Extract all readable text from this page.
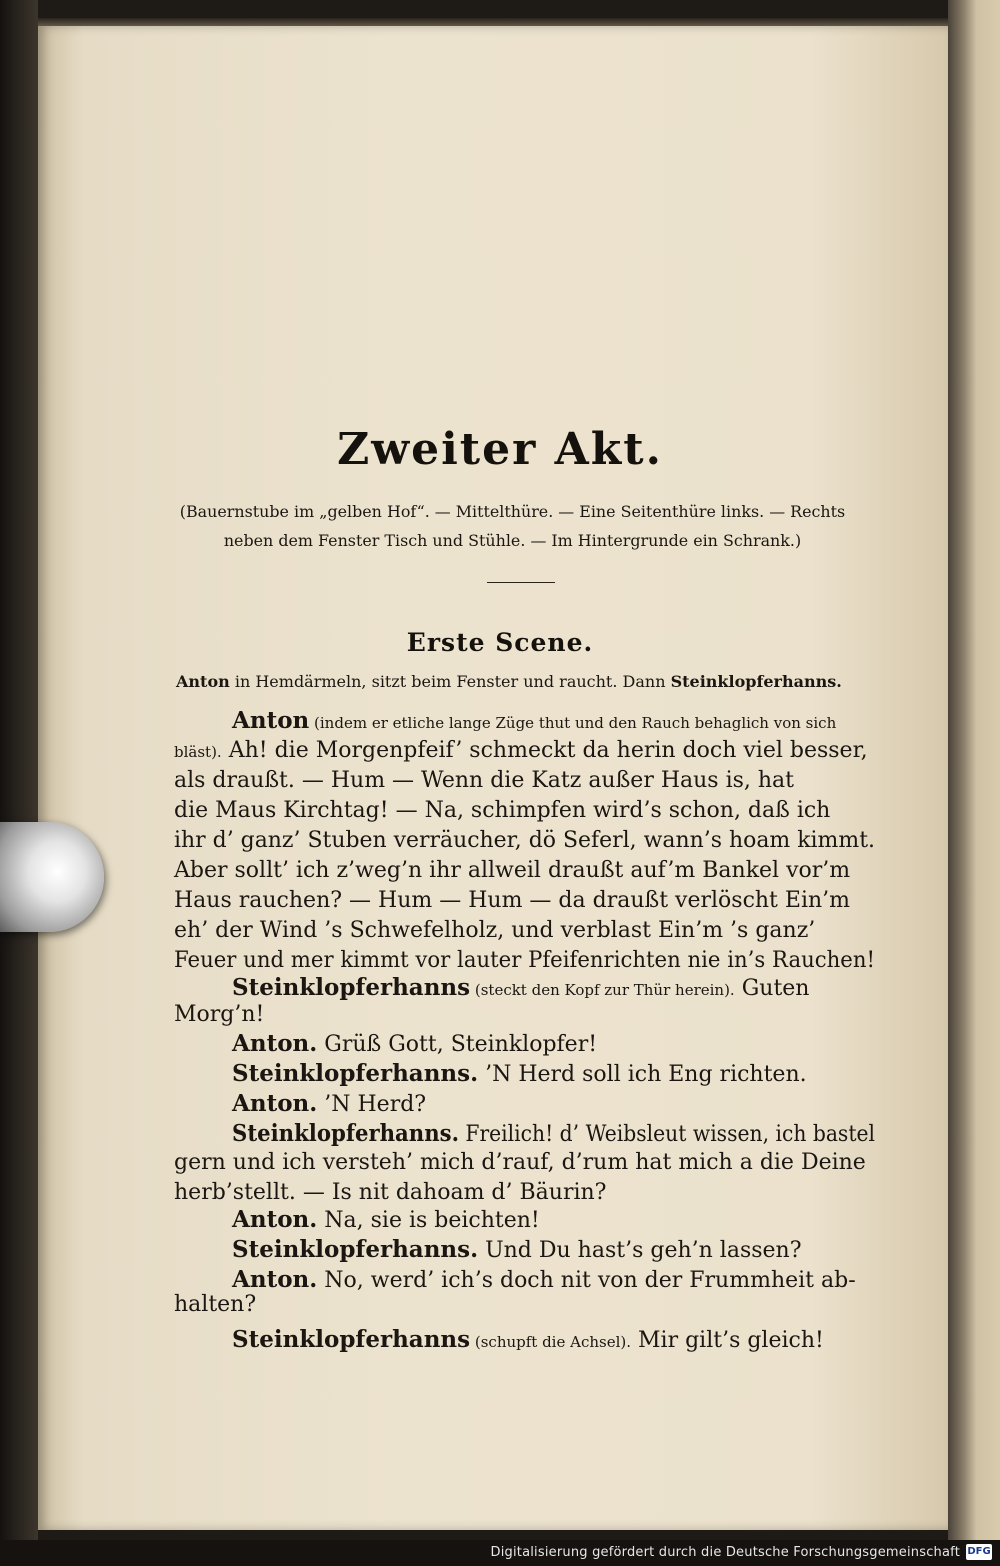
Zweiter Akt.
(Bauernstube im „gelben Hof“. — Mittelthüre. — Eine Seitenthüre links. — Rechts
neben dem Fenster Tisch und Stühle. — Im Hintergrunde ein Schrank.)
Erste Scene.
Anton in Hemdärmeln, sitzt beim Fenster und raucht. Dann Steinklopferhanns.
Anton (indem er etliche lange Züge thut und den Rauch behaglich von sich
bläst). Ah! die Morgenpfeif’ schmeckt da herin doch viel besser,
als draußt. — Hum — Wenn die Katz außer Haus is, hat
die Maus Kirchtag! — Na, schimpfen wird’s schon, daß ich
ihr d’ ganz’ Stuben verräucher, dö Seferl, wann’s hoam kimmt.
Aber sollt’ ich z’weg’n ihr allweil draußt auf’m Bankel vor’m
Haus rauchen? — Hum — Hum — da draußt verlöscht Ein’m
eh’ der Wind ’s Schwefelholz, und verblast Ein’m ’s ganz’
Feuer und mer kimmt vor lauter Pfeifenrichten nie in’s Rauchen!
Steinklopferhanns (steckt den Kopf zur Thür herein). Guten
Morg’n!
Anton. Grüß Gott, Steinklopfer!
Steinklopferhanns. ’N Herd soll ich Eng richten.
Anton. ’N Herd?
Steinklopferhanns. Freilich! d’ Weibsleut wissen, ich bastel
gern und ich versteh’ mich d’rauf, d’rum hat mich a die Deine
herb’stellt. — Is nit dahoam d’ Bäurin?
Anton. Na, sie is beichten!
Steinklopferhanns. Und Du hast’s geh’n lassen?
Anton. No, werd’ ich’s doch nit von der Frummheit ab-
halten?
Steinklopferhanns (schupft die Achsel). Mir gilt’s gleich!
Digitalisierung gefördert durch die Deutsche Forschungsgemeinschaft DFG
